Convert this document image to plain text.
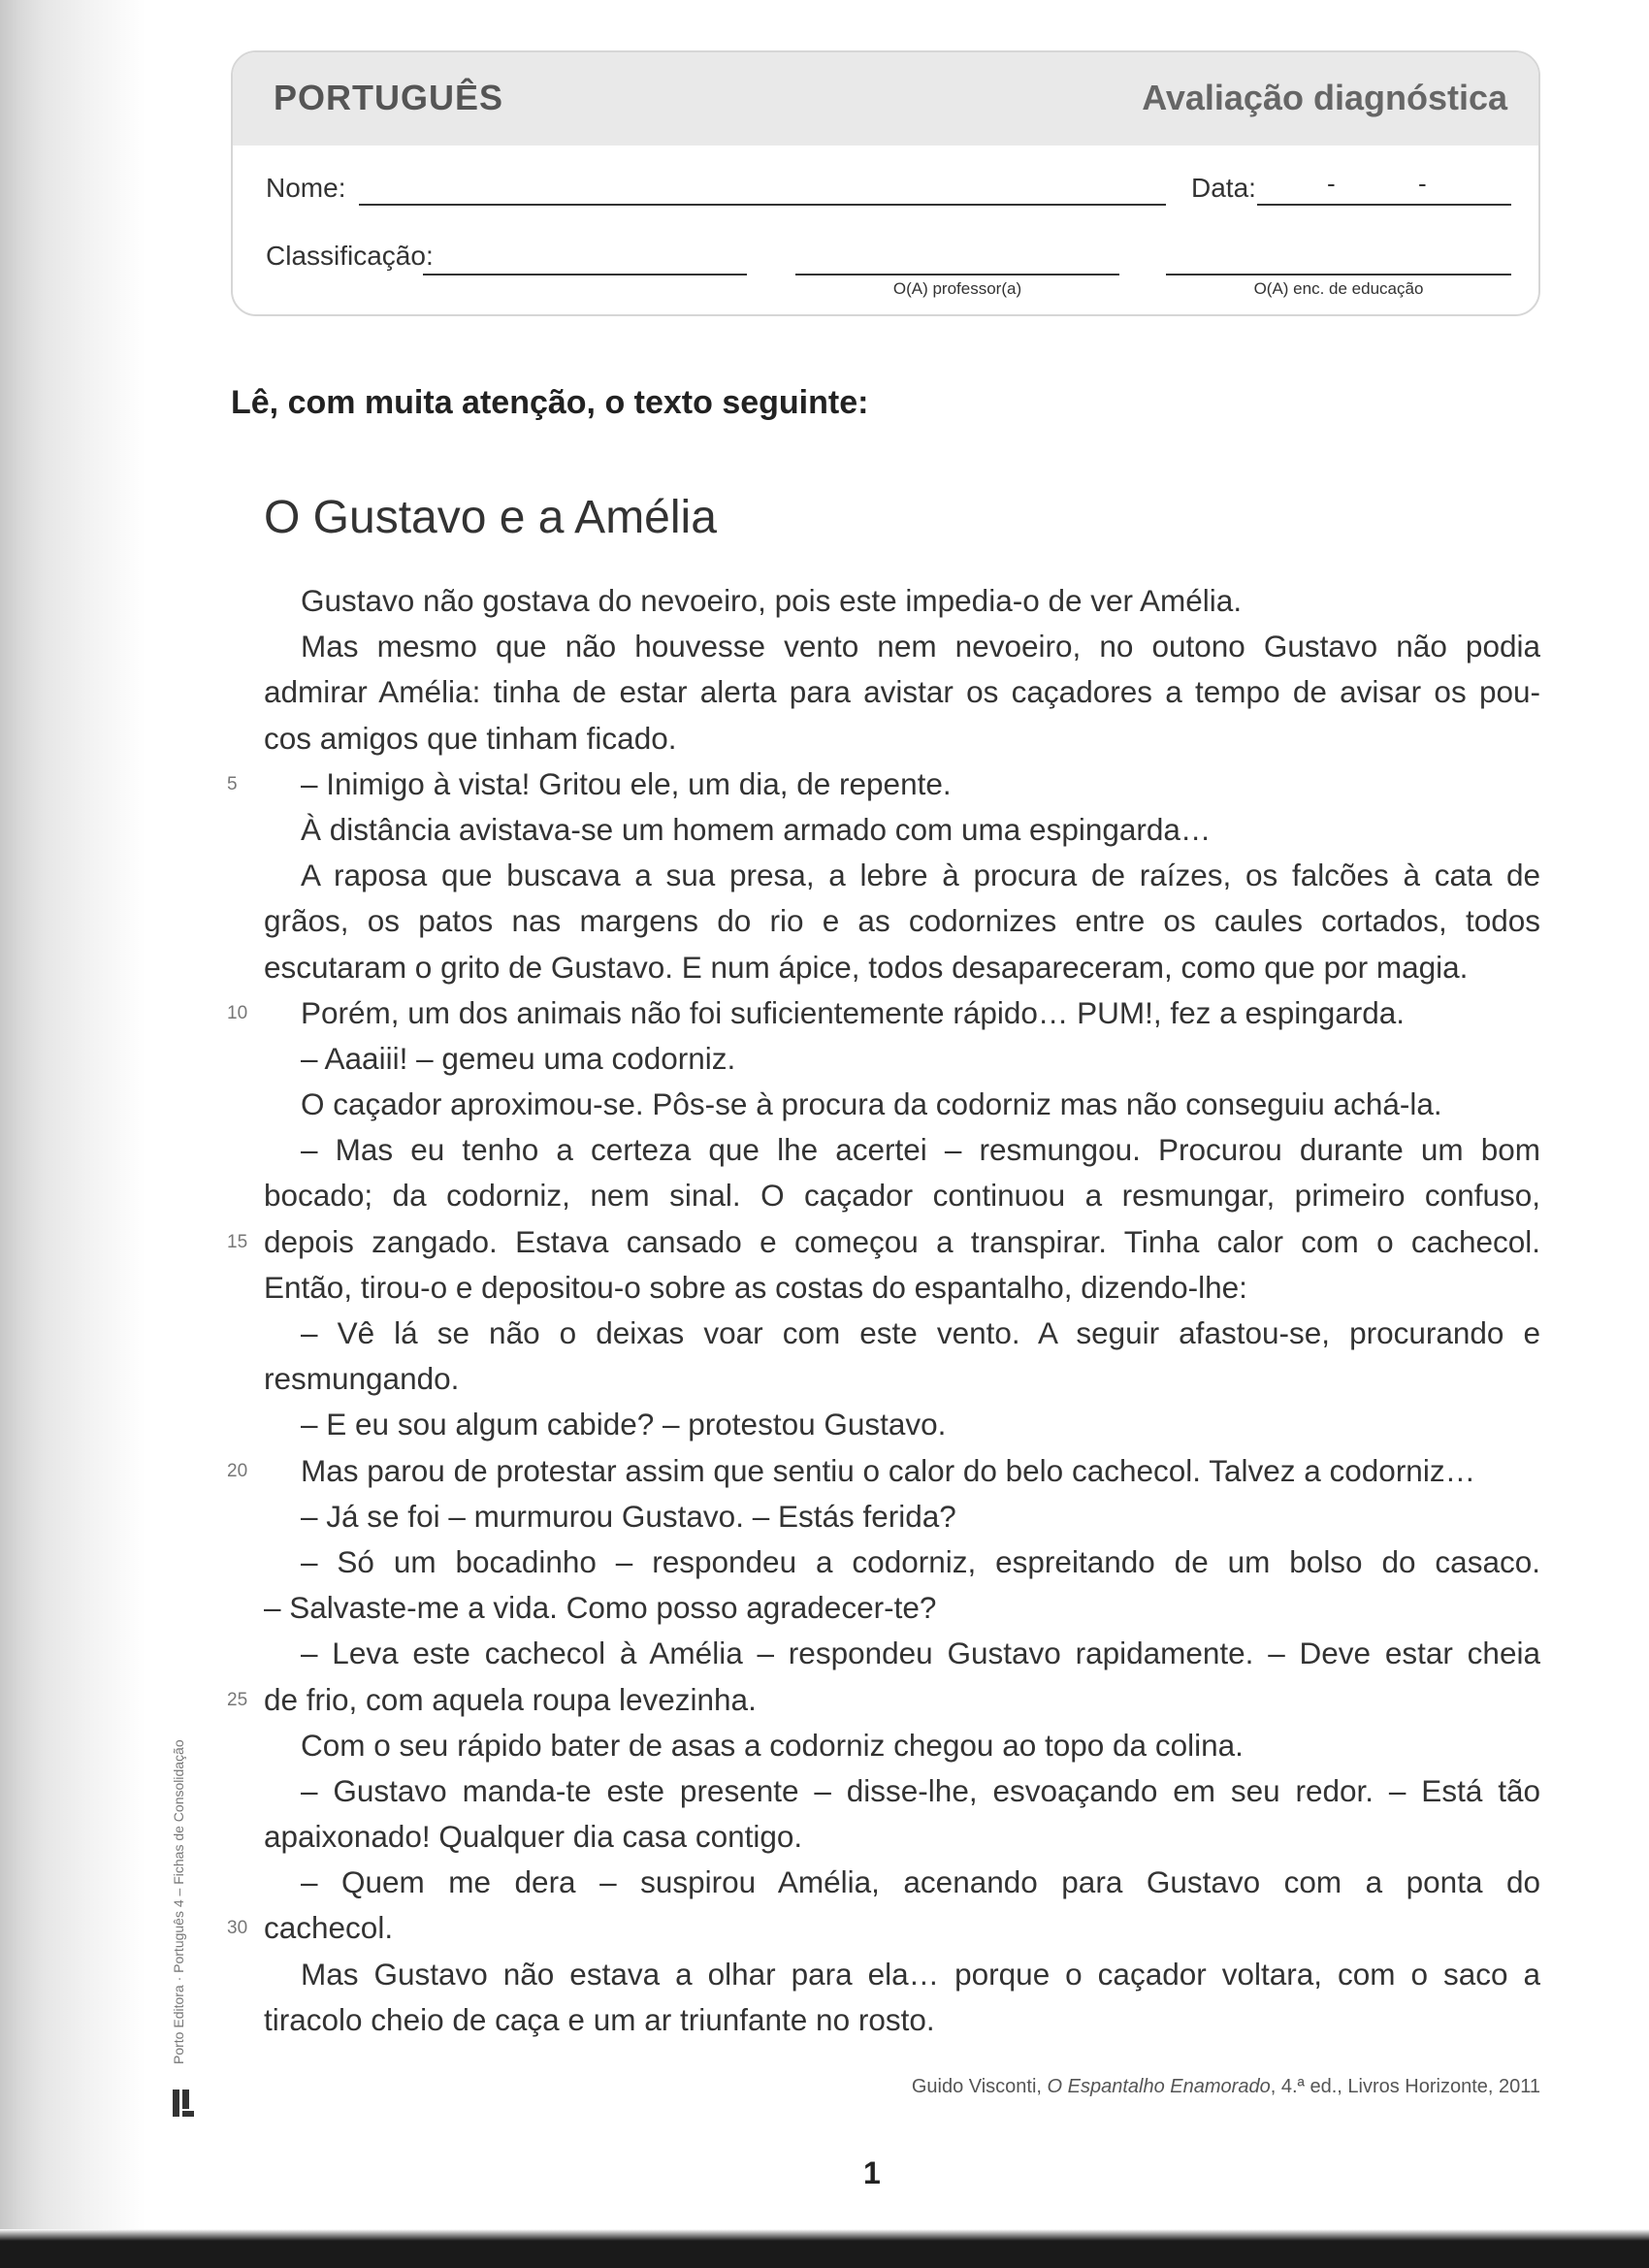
PORTUGUÊS	Avaliação diagnóstica
Nome:	Data:	-	-
Classificação:
O(A) professor(a)	O(A) enc. de educação
Lê, com muita atenção, o texto seguinte:
O Gustavo e a Amélia
Gustavo não gostava do nevoeiro, pois este impedia-o de ver Amélia.
Mas mesmo que não houvesse vento nem nevoeiro, no outono Gustavo não podia
admirar Amélia: tinha de estar alerta para avistar os caçadores a tempo de avisar os pou-
cos amigos que tinham ficado.
– Inimigo à vista! Gritou ele, um dia, de repente.
5
À distância avistava-se um homem armado com uma espingarda…
A raposa que buscava a sua presa, a lebre à procura de raízes, os falcões à cata de
grãos, os patos nas margens do rio e as codornizes entre os caules cortados, todos
escutaram o grito de Gustavo. E num ápice, todos desapareceram, como que por magia.
Porém, um dos animais não foi suficientemente rápido… PUM!, fez a espingarda.
10
– Aaaiii! – gemeu uma codorniz.
O caçador aproximou-se. Pôs-se à procura da codorniz mas não conseguiu achá-la.
– Mas eu tenho a certeza que lhe acertei – resmungou. Procurou durante um bom
bocado; da codorniz, nem sinal. O caçador continuou a resmungar, primeiro confuso,
depois zangado. Estava cansado e começou a transpirar. Tinha calor com o cachecol.
15
Então, tirou-o e depositou-o sobre as costas do espantalho, dizendo-lhe:
– Vê lá se não o deixas voar com este vento. A seguir afastou-se, procurando e
resmungando.
– E eu sou algum cabide? – protestou Gustavo.
Mas parou de protestar assim que sentiu o calor do belo cachecol. Talvez a codorniz…
20
– Já se foi – murmurou Gustavo. – Estás ferida?
– Só um bocadinho – respondeu a codorniz, espreitando de um bolso do casaco.
– Salvaste-me a vida. Como posso agradecer-te?
– Leva este cachecol à Amélia – respondeu Gustavo rapidamente. – Deve estar cheia
de frio, com aquela roupa levezinha.
25
Com o seu rápido bater de asas a codorniz chegou ao topo da colina.
– Gustavo manda-te este presente – disse-lhe, esvoaçando em seu redor. – Está tão
apaixonado! Qualquer dia casa contigo.
– Quem me dera – suspirou Amélia, acenando para Gustavo com a ponta do
cachecol.
30
Mas Gustavo não estava a olhar para ela… porque o caçador voltara, com o saco a
tiracolo cheio de caça e um ar triunfante no rosto.
Guido Visconti, O Espantalho Enamorado, 4.ª ed., Livros Horizonte, 2011
Porto Editora · Português 4 – Fichas de Consolidação
1
